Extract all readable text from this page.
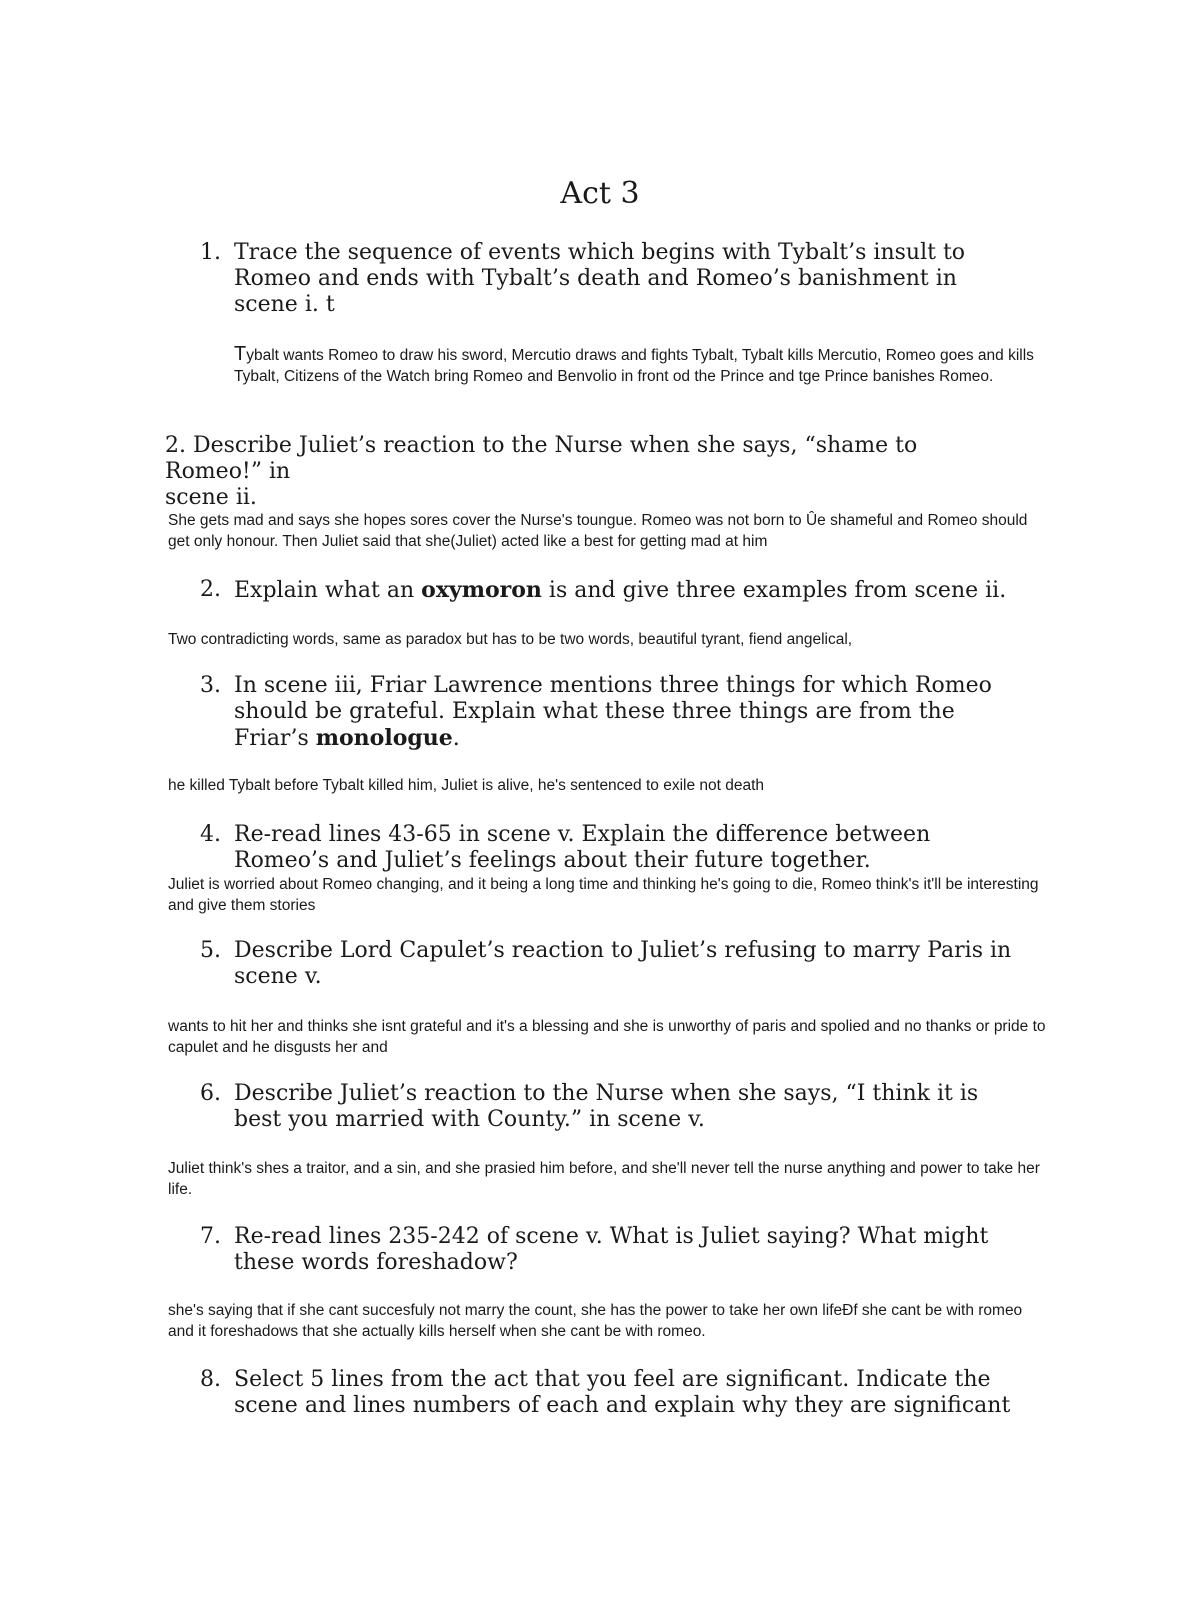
Act 3
1. Trace the sequence of events which begins with Tybalt’s insult to Romeo and ends with Tybalt’s death and Romeo’s banishment in scene i. t
Tybalt wants Romeo to draw his sword, Mercutio draws and fights Tybalt, Tybalt kills Mercutio, Romeo goes and kills Tybalt, Citizens of the Watch bring Romeo and Benvolio in front od the Prince and tge Prince banishes Romeo.
2. Describe Juliet’s reaction to the Nurse when she says, “shame to
Romeo!” in
scene ii.
She gets mad and says she hopes sores cover the Nurse's toungue. Romeo was not born to Ûe shameful and Romeo should get only honour. Then Juliet said that she(Juliet) acted like a best for getting mad at him
2. Explain what an oxymoron is and give three examples from scene ii.
Two contradicting words, same as paradox but has to be two words, beautiful tyrant, fiend angelical,
3. In scene iii, Friar Lawrence mentions three things for which Romeo should be grateful. Explain what these three things are from the Friar’s monologue.
he killed Tybalt before Tybalt killed him, Juliet is alive, he's sentenced to exile not death
4. Re-read lines 43-65 in scene v. Explain the difference between Romeo’s and Juliet’s feelings about their future together.
Juliet is worried about Romeo changing, and it being a long time and thinking he's going to die, Romeo think's it'll be interesting and give them stories
5. Describe Lord Capulet’s reaction to Juliet’s refusing to marry Paris in scene v.
wants to hit her and thinks she isnt grateful and it's a blessing and she is unworthy of paris and spolied and no thanks or pride to capulet and he disgusts her and
6. Describe Juliet’s reaction to the Nurse when she says, “I think it is best you married with County.” in scene v.
Juliet think's shes a traitor, and a sin, and she prasied him before, and she'll never tell the nurse anything and power to take her life.
7. Re-read lines 235-242 of scene v. What is Juliet saying? What might these words foreshadow?
she's saying that if she cant succesfuly not marry the count, she has the power to take her own lifeÐf she cant be with romeo and it foreshadows that she actually kills herself when she cant be with romeo.
8. Select 5 lines from the act that you feel are significant. Indicate the scene and lines numbers of each and explain why they are significant
